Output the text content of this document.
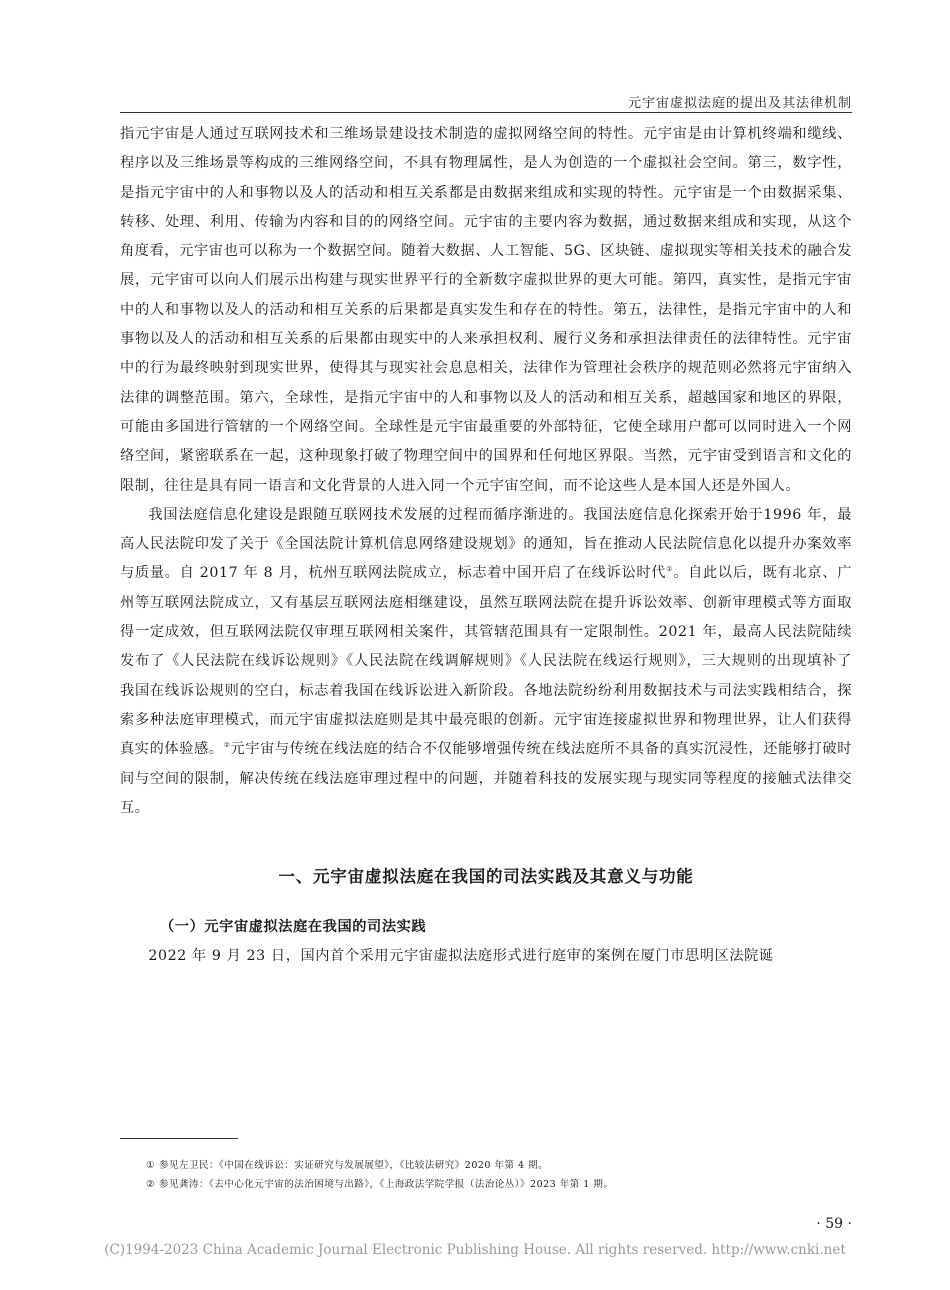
元宇宙虚拟法庭的提出及其法律机制

指元宇宙是人通过互联网技术和三维场景建设技术制造的虚拟网络空间的特性。元宇宙是由计算机终端和缆线、程序以及三维场景等构成的三维网络空间，不具有物理属性，是人为创造的一个虚拟社会空间。第三，数字性，是指元宇宙中的人和事物以及人的活动和相互关系都是由数据来组成和实现的特性。元宇宙是一个由数据采集、转移、处理、利用、传输为内容和目的的网络空间。元宇宙的主要内容为数据，通过数据来组成和实现，从这个角度看，元宇宙也可以称为一个数据空间。随着大数据、人工智能、5G、区块链、虚拟现实等相关技术的融合发展，元宇宙可以向人们展示出构建与现实世界平行的全新数字虚拟世界的更大可能。第四，真实性，是指元宇宙中的人和事物以及人的活动和相互关系的后果都是真实发生和存在的特性。第五，法律性，是指元宇宙中的人和事物以及人的活动和相互关系的后果都由现实中的人来承担权利、履行义务和承担法律责任的法律特性。元宇宙中的行为最终映射到现实世界，使得其与现实社会息息相关，法律作为管理社会秩序的规范则必然将元宇宙纳入法律的调整范围。第六，全球性，是指元宇宙中的人和事物以及人的活动和相互关系，超越国家和地区的界限，可能由多国进行管辖的一个网络空间。全球性是元宇宙最重要的外部特征，它使全球用户都可以同时进入一个网络空间，紧密联系在一起，这种现象打破了物理空间中的国界和任何地区界限。当然，元宇宙受到语言和文化的限制，往往是具有同一语言和文化背景的人进入同一个元宇宙空间，而不论这些人是本国人还是外国人。

我国法庭信息化建设是跟随互联网技术发展的过程而循序渐进的。我国法庭信息化探索开始于1996 年，最高人民法院印发了关于《全国法院计算机信息网络建设规划》的通知，旨在推动人民法院信息化以提升办案效率与质量。自 2017 年 8 月，杭州互联网法院成立，标志着中国开启了在线诉讼时代①。自此以后，既有北京、广州等互联网法院成立，又有基层互联网法庭相继建设，虽然互联网法院在提升诉讼效率、创新审理模式等方面取得一定成效，但互联网法院仅审理互联网相关案件，其管辖范围具有一定限制性。2021 年，最高人民法院陆续发布了《人民法院在线诉讼规则》《人民法院在线调解规则》《人民法院在线运行规则》，三大规则的出现填补了我国在线诉讼规则的空白，标志着我国在线诉讼进入新阶段。各地法院纷纷利用数据技术与司法实践相结合，探索多种法庭审理模式，而元宇宙虚拟法庭则是其中最亮眼的创新。元宇宙连接虚拟世界和物理世界，让人们获得真实的体验感。②元宇宙与传统在线法庭的结合不仅能够增强传统在线法庭所不具备的真实沉浸性，还能够打破时间与空间的限制，解决传统在线法庭审理过程中的问题，并随着科技的发展实现与现实同等程度的接触式法律交互。

一、元宇宙虚拟法庭在我国的司法实践及其意义与功能
（一）元宇宙虚拟法庭在我国的司法实践

2022 年 9 月 23 日，国内首个采用元宇宙虚拟法庭形式进行庭审的案例在厦门市思明区法院诞

① 参见左卫民：《中国在线诉讼：实证研究与发展展望》，《比较法研究》2020 年第 4 期。

② 参见龚涛：《去中心化元宇宙的法治困境与出路》，《上海政法学院学报（法治论丛）》2023 年第 1 期。

· 59 ·
(C)1994-2023 China Academic Journal Electronic Publishing House. All rights reserved. http://www.cnki.net
